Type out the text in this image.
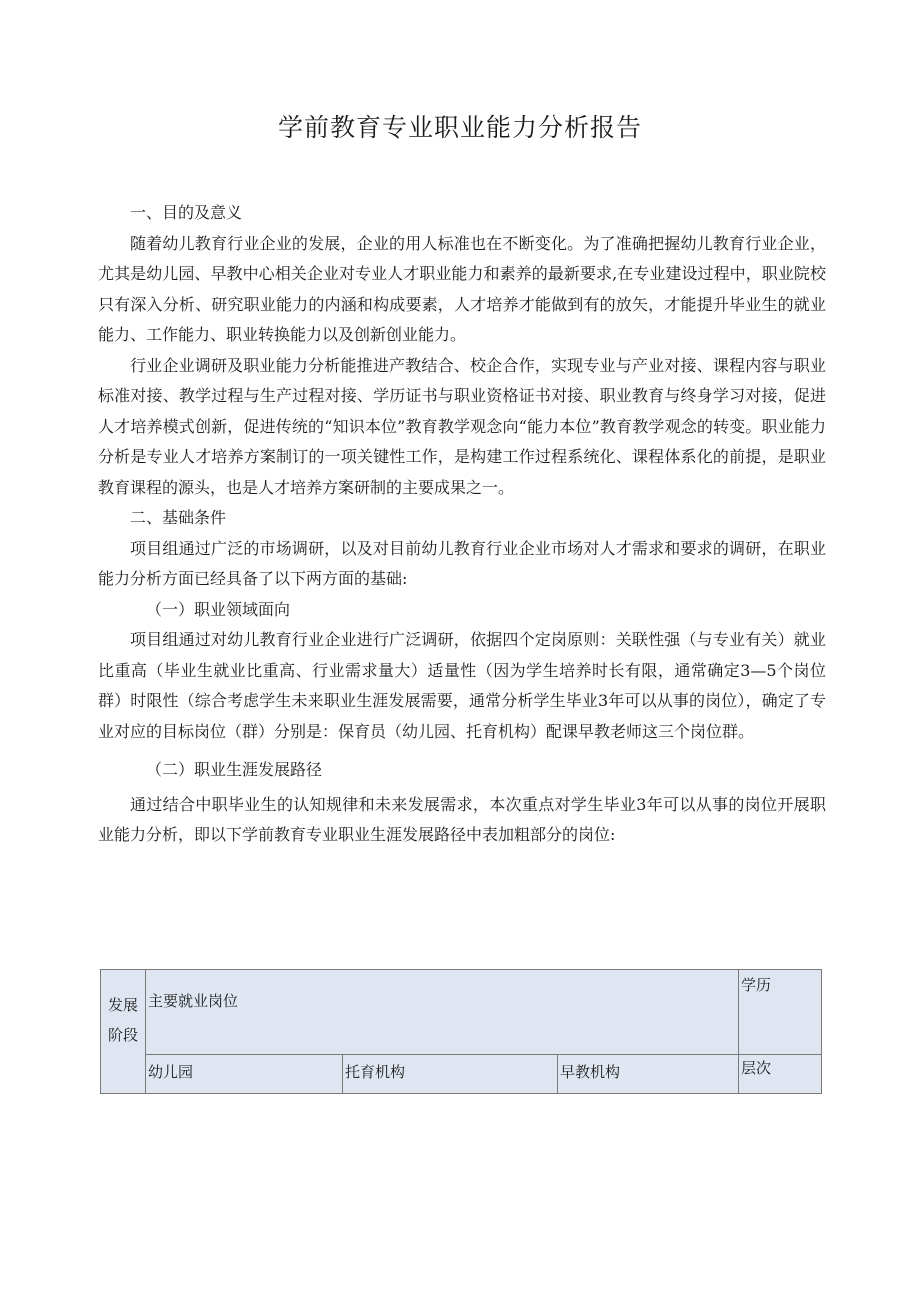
学前教育专业职业能力分析报告

一、目的及意义

随着幼儿教育行业企业的发展，企业的用人标准也在不断变化。为了准确把握幼儿教育行业企业，尤其是幼儿园、早教中心相关企业对专业人才职业能力和素养的最新要求,在专业建设过程中，职业院校只有深入分析、研究职业能力的内涵和构成要素，人才培养才能做到有的放矢，才能提升毕业生的就业能力、工作能力、职业转换能力以及创新创业能力。

行业企业调研及职业能力分析能推进产教结合、校企合作，实现专业与产业对接、课程内容与职业标准对接、教学过程与生产过程对接、学历证书与职业资格证书对接、职业教育与终身学习对接，促进人才培养模式创新，促进传统的“知识本位”教育教学观念向“能力本位”教育教学观念的转变。职业能力分析是专业人才培养方案制订的一项关键性工作，是构建工作过程系统化、课程体系化的前提，是职业教育课程的源头，也是人才培养方案研制的主要成果之一。

二、基础条件

项目组通过广泛的市场调研，以及对目前幼儿教育行业企业市场对人才需求和要求的调研，在职业能力分析方面已经具备了以下两方面的基础:

（一）职业领域面向

项目组通过对幼儿教育行业企业进行广泛调研，依据四个定岗原则：关联性强（与专业有关）就业比重高（毕业生就业比重高、行业需求量大）适量性（因为学生培养时长有限，通常确定3—5个岗位群）时限性（综合考虑学生未来职业生涯发展需要，通常分析学生毕业3年可以从事的岗位），确定了专业对应的目标岗位（群）分别是：保育员（幼儿园、托育机构）配课早教老师这三个岗位群。

（二）职业生涯发展路径

通过结合中职毕业生的认知规律和未来发展需求，本次重点对学生毕业3年可以从事的岗位开展职业能力分析，即以下学前教育专业职业生涯发展路径中表加粗部分的岗位:

发展阶段	主要就业岗位			学历
	幼儿园	托育机构	早教机构	层次
